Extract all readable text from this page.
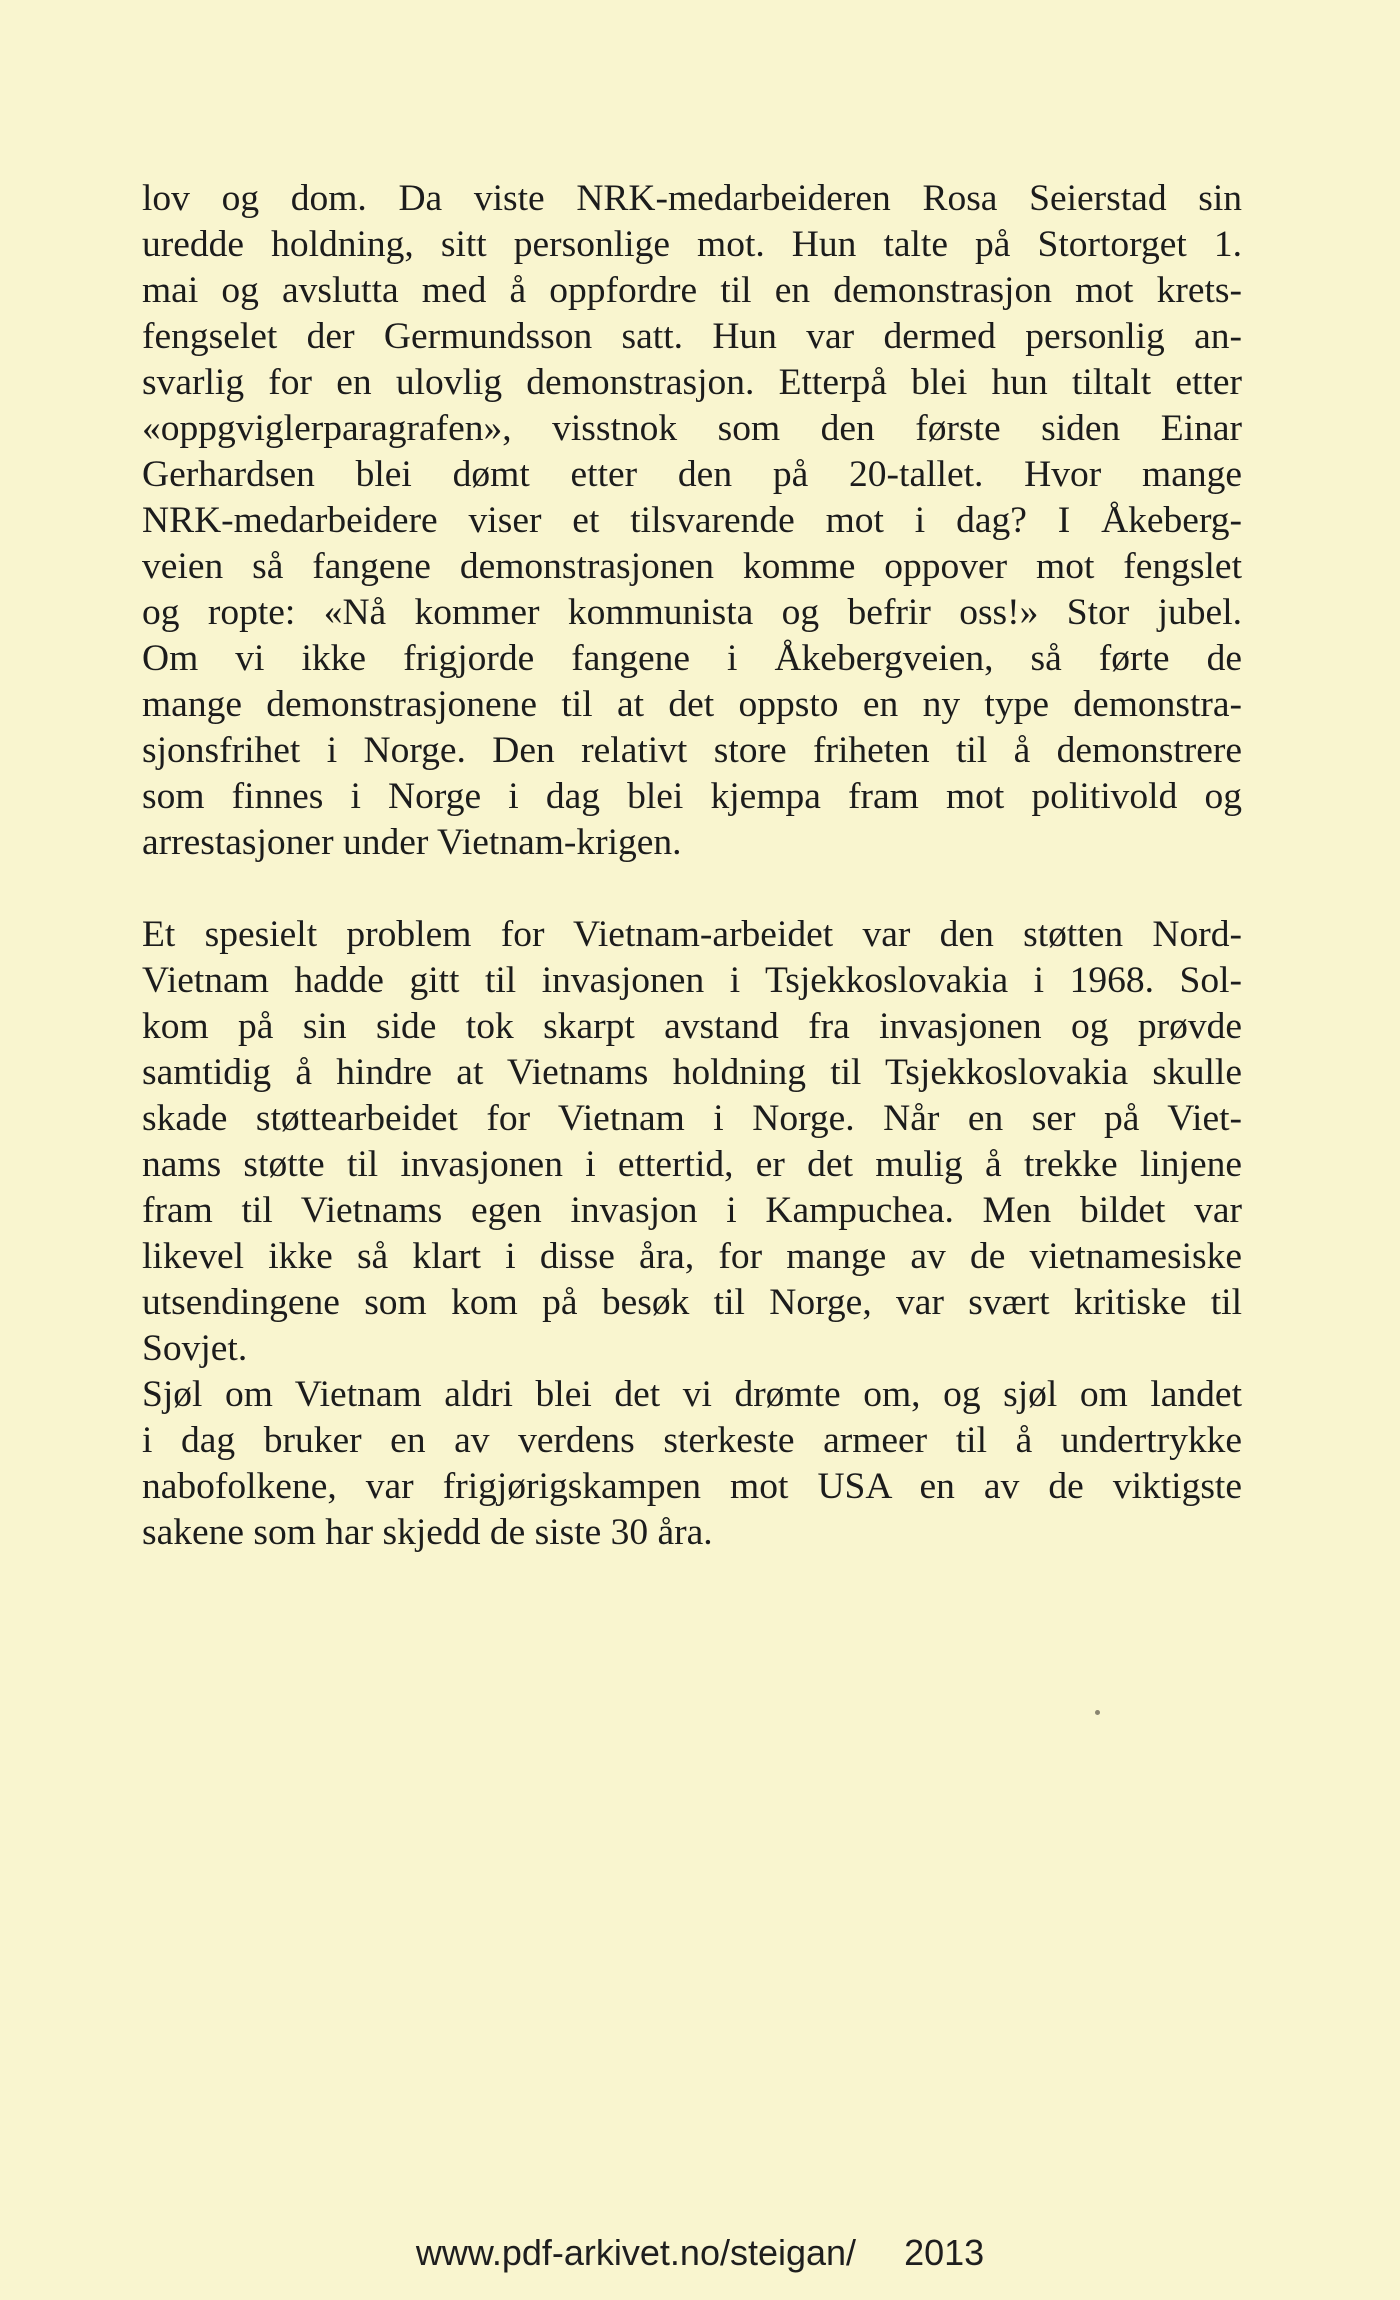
lov og dom. Da viste NRK-medarbeideren Rosa Seierstad sin
uredde holdning, sitt personlige mot. Hun talte på Stortorget 1.
mai og avslutta med å oppfordre til en demonstrasjon mot krets-
fengselet der Germundsson satt. Hun var dermed personlig an-
svarlig for en ulovlig demonstrasjon. Etterpå blei hun tiltalt etter
«oppgviglerparagrafen», visstnok som den første siden Einar
Gerhardsen blei dømt etter den på 20-tallet. Hvor mange
NRK-medarbeidere viser et tilsvarende mot i dag? I Åkeberg-
veien så fangene demonstrasjonen komme oppover mot fengslet
og ropte: «Nå kommer kommunista og befrir oss!» Stor jubel.
Om vi ikke frigjorde fangene i Åkebergveien, så førte de
mange demonstrasjonene til at det oppsto en ny type demonstra-
sjonsfrihet i Norge. Den relativt store friheten til å demonstrere
som finnes i Norge i dag blei kjempa fram mot politivold og
arrestasjoner under Vietnam-krigen.
Et spesielt problem for Vietnam-arbeidet var den støtten Nord-
Vietnam hadde gitt til invasjonen i Tsjekkoslovakia i 1968. Sol-
kom på sin side tok skarpt avstand fra invasjonen og prøvde
samtidig å hindre at Vietnams holdning til Tsjekkoslovakia skulle
skade støttearbeidet for Vietnam i Norge. Når en ser på Viet-
nams støtte til invasjonen i ettertid, er det mulig å trekke linjene
fram til Vietnams egen invasjon i Kampuchea. Men bildet var
likevel ikke så klart i disse åra, for mange av de vietnamesiske
utsendingene som kom på besøk til Norge, var svært kritiske til
Sovjet.
Sjøl om Vietnam aldri blei det vi drømte om, og sjøl om landet
i dag bruker en av verdens sterkeste armeer til å undertrykke
nabofolkene, var frigjørigskampen mot USA en av de viktigste
sakene som har skjedd de siste 30 åra.
www.pdf-arkivet.no/steigan/ 2013
